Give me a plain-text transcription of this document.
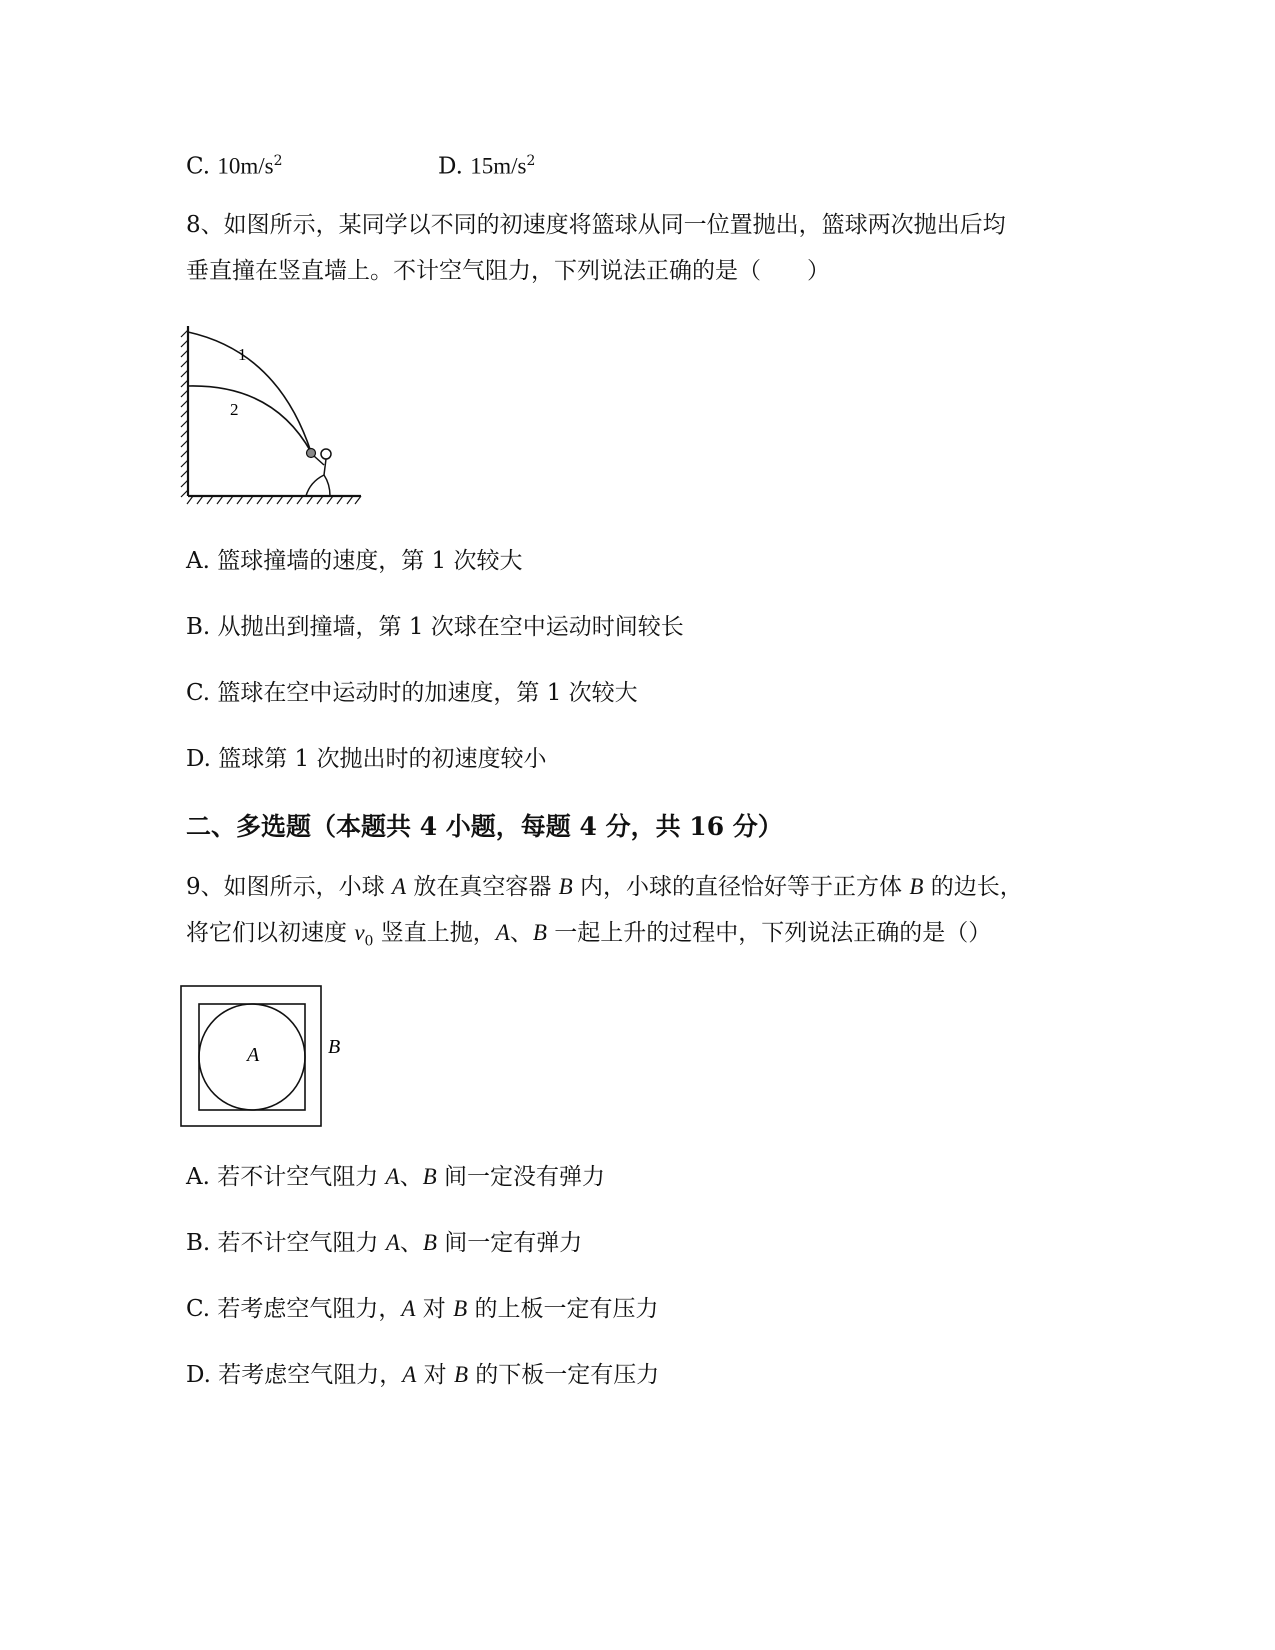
C. $10m/s^2$	D. $15m/s^2$
8、如图所示，某同学以不同的初速度将篮球从同一位置抛出，篮球两次抛出后均
垂直撞在竖直墙上。不计空气阻力，下列说法正确的是（　　）
1
2
A. 篮球撞墙的速度，第 1 次较大
B. 从抛出到撞墙，第 1 次球在空中运动时间较长
C. 篮球在空中运动时的加速度，第 1 次较大
D. 篮球第 1 次抛出时的初速度较小
二、多选题（本题共 4 小题，每题 4 分，共 16 分）
9、如图所示，小球 A 放在真空容器 B 内，小球的直径恰好等于正方体 B 的边长，
将它们以初速度 $v_0$ 竖直上抛，A、B 一起上升的过程中，下列说法正确的是（）
A	B
A. 若不计空气阻力 A、B 间一定没有弹力
B. 若不计空气阻力 A、B 间一定有弹力
C. 若考虑空气阻力，A 对 B 的上板一定有压力
D. 若考虑空气阻力，A 对 B 的下板一定有压力
